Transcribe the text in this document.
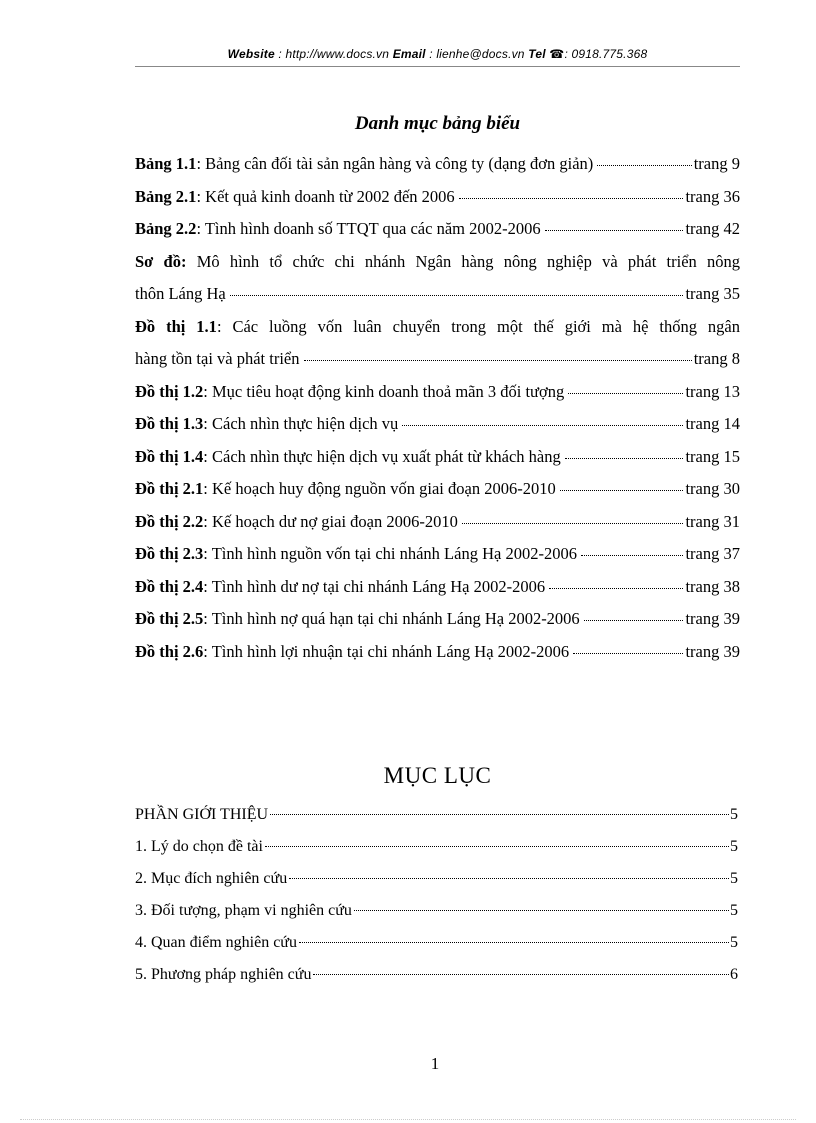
Website : http://www.docs.vn Email : lienhe@docs.vn Tel ☎: 0918.775.368
Danh mục bảng biểu
Bảng 1.1 : Bảng cân đối tài sản ngân hàng và công ty (dạng đơn giản)	trang 9
Bảng 2.1 : Kết quả kinh doanh từ 2002 đến 2006	trang 36
Bảng 2.2 : Tình hình doanh số TTQT qua các năm 2002-2006	trang 42
Sơ đồ: Mô hình tổ chức chi nhánh Ngân hàng nông nghiệp và phát triển nông
thôn Láng Hạ	trang 35
Đồ thị 1.1: Các luồng vốn luân chuyển trong một thế giới mà hệ thống ngân
hàng tồn tại và phát triển	trang 8
Đồ thị 1.2 : Mục tiêu hoạt động kinh doanh thoả mãn 3 đối tượng	trang 13
Đồ thị 1.3 : Cách nhìn thực hiện dịch vụ	trang 14
Đồ thị 1.4 : Cách nhìn thực hiện dịch vụ xuất phát từ khách hàng	trang 15
Đồ thị 2.1 : Kế hoạch huy động nguồn vốn giai đoạn 2006-2010	trang 30
Đồ thị 2.2 : Kế hoạch dư nợ giai đoạn 2006-2010	trang 31
Đồ thị 2.3 : Tình hình nguồn vốn tại chi nhánh Láng Hạ 2002-2006	trang 37
Đồ thị 2.4 : Tình hình dư nợ tại chi nhánh Láng Hạ 2002-2006	trang 38
Đồ thị 2.5 : Tình hình nợ quá hạn tại chi nhánh Láng Hạ 2002-2006	trang 39
Đồ thị 2.6 : Tình hình lợi nhuận tại chi nhánh Láng Hạ 2002-2006	trang 39
MỤC LỤC
PHẦN GIỚI THIỆU	5
1. Lý do chọn đề tài	5
2. Mục đích nghiên cứu	5
3. Đối tượng, phạm vi nghiên cứu	5
4. Quan điểm nghiên cứu	5
5. Phương pháp nghiên cứu	6
1
